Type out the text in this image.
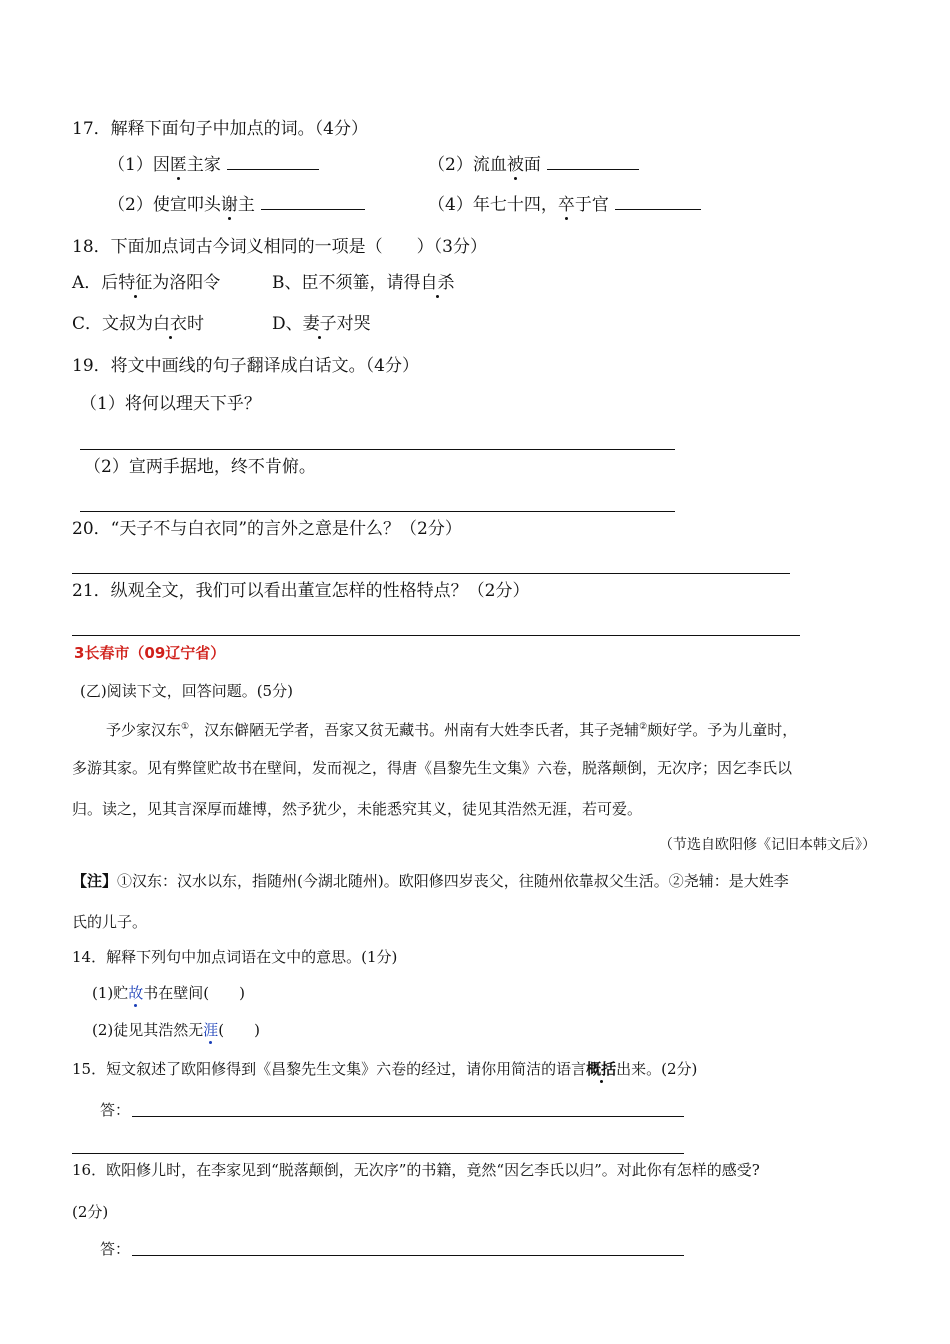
17．解释下面句子中加点的词。（4分）
（1）因匿主家	（2）流血被面
（2）使宣叩头谢主	（4）年七十四，卒于官
18．下面加点词古今词义相同的一项是（　　）（3分）
A．后特征为洛阳令	B、臣不须箠，请得自杀
C．文叔为白衣时	D、妻子对哭
19．将文中画线的句子翻译成白话文。（4分）
（1）将何以理天下乎？
（2）宣两手据地，终不肯俯。
20．“天子不与白衣同”的言外之意是什么？（2分）
21．纵观全文，我们可以看出董宣怎样的性格特点？（2分）
3长春市（09辽宁省）
(乙)阅读下文，回答问题。(5分)
予少家汉东①，汉东僻陋无学者，吾家又贫无藏书。州南有大姓李氏者，其子尧辅②颇好学。予为儿童时，
多游其家。见有弊筐贮故书在壁间，发而视之，得唐《昌黎先生文集》六卷，脱落颠倒，无次序；因乞李氏以
归。读之，见其言深厚而雄博，然予犹少，未能悉究其义，徒见其浩然无涯，若可爱。
（节选自欧阳修《记旧本韩文后》）
【注】①汉东：汉水以东，指随州(今湖北随州)。欧阳修四岁丧父，往随州依靠叔父生活。②尧辅：是大姓李
氏的儿子。
14．解释下列句中加点词语在文中的意思。(1分)
(1)贮故书在壁间(　　)
(2)徒见其浩然无涯(　　)
15．短文叙述了欧阳修得到《昌黎先生文集》六卷的经过，请你用简洁的语言概括出来。(2分)
答：
16．欧阳修儿时，在李家见到“脱落颠倒，无次序”的书籍，竟然“因乞李氏以归”。对此你有怎样的感受?
(2分)
答：
